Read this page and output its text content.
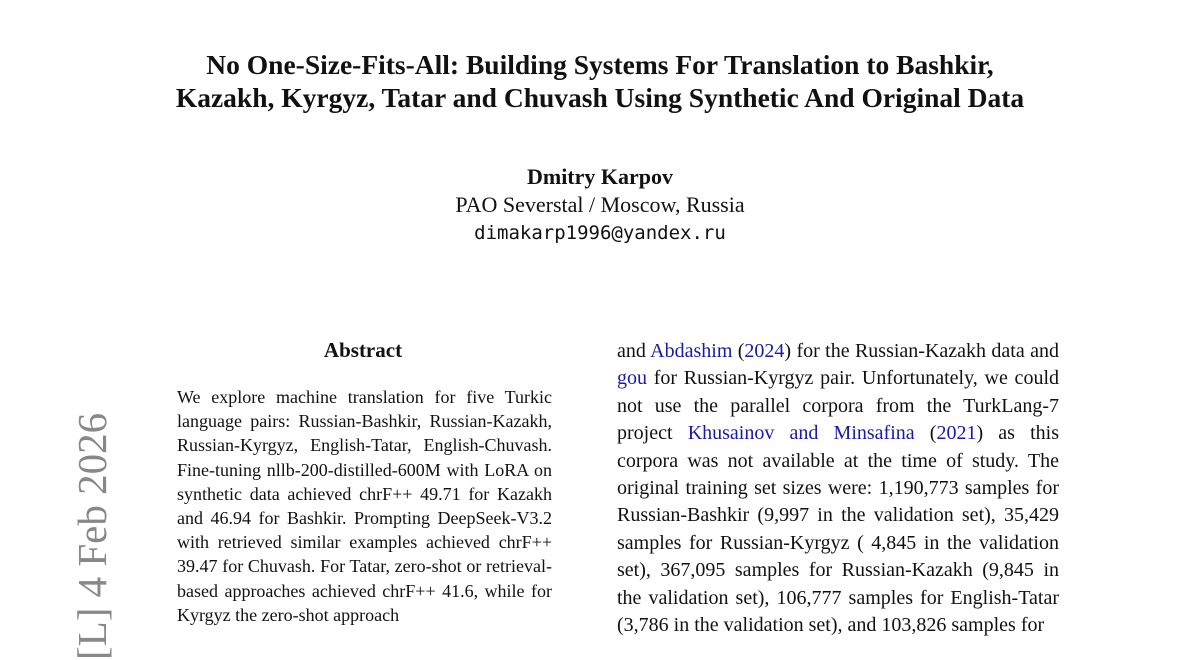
No One-Size-Fits-All: Building Systems For Translation to Bashkir,
Kazakh, Kyrgyz, Tatar and Chuvash Using Synthetic And Original Data
Dmitry Karpov
PAO Severstal / Moscow, Russia
dimakarp1996@yandex.ru
[L] 4 Feb 2026
Abstract

We explore machine translation for five Turkic language pairs: Russian-Bashkir, Russian-Kazakh, Russian-Kyrgyz, English-Tatar, English-Chuvash. Fine-tuning nllb-200-distilled-600M with LoRA on synthetic data achieved chrF++ 49.71 for Kazakh and 46.94 for Bashkir. Prompting DeepSeek-V3.2 with retrieved similar examples achieved chrF++ 39.47 for Chuvash. For Tatar, zero-shot or retrieval-based approaches achieved chrF++ 41.6, while for Kyrgyz the zero-shot approach

and Abdashim (2024) for the Russian-Kazakh data and gou for Russian-Kyrgyz pair. Unfortunately, we could not use the parallel corpora from the TurkLang-7 project Khusainov and Minsafina (2021) as this corpora was not available at the time of study. The original training set sizes were: 1,190,773 samples for Russian-Bashkir (9,997 in the validation set), 35,429 samples for Russian-Kyrgyz ( 4,845 in the validation set), 367,095 samples for Russian-Kazakh (9,845 in the validation set), 106,777 samples for English-Tatar (3,786 in the validation set), and 103,826 samples for
